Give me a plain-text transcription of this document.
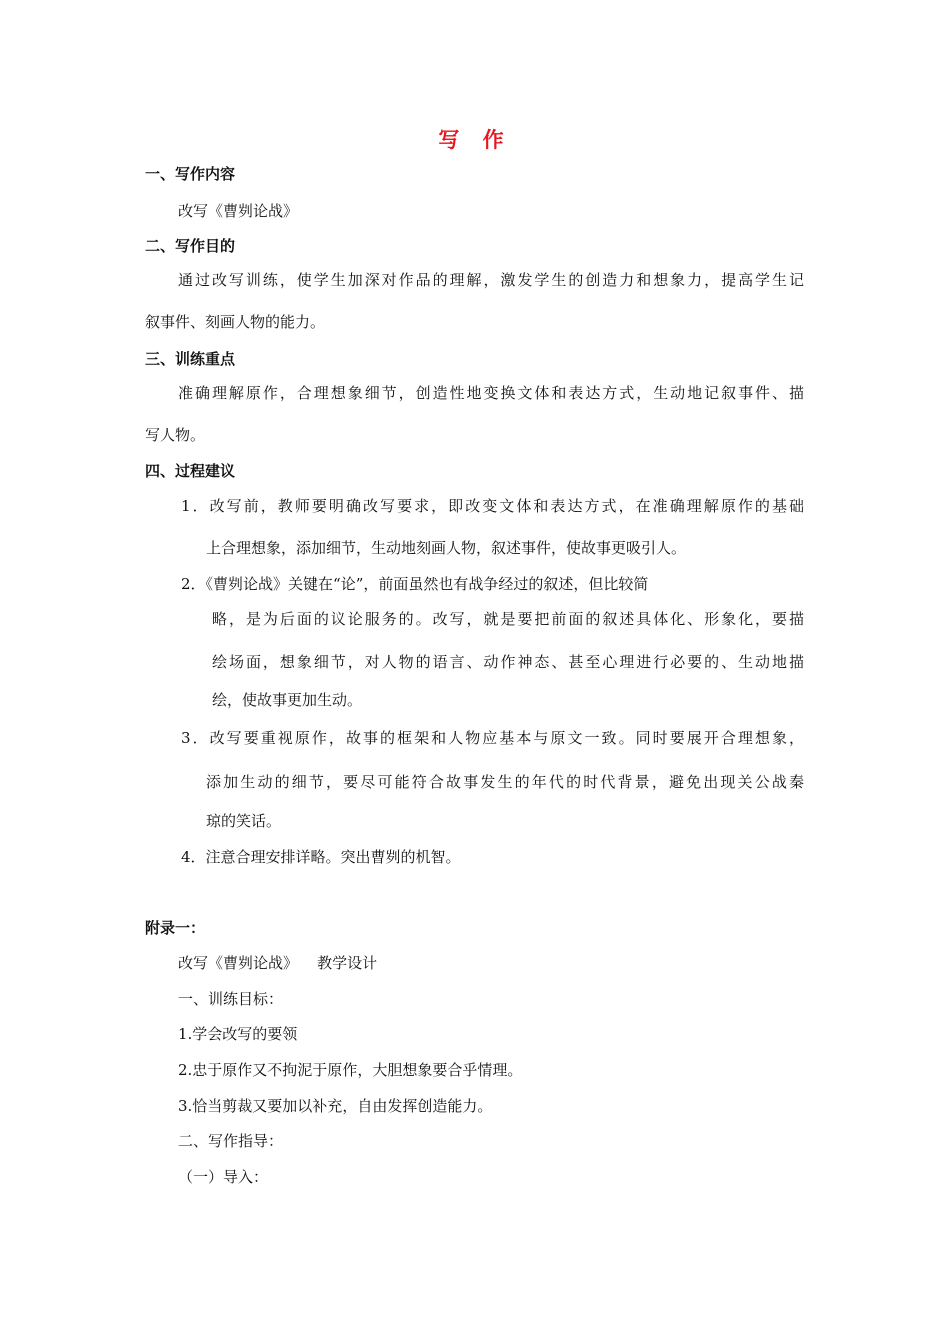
写 作
一、写作内容
改写《曹刿论战》
二、写作目的
通过改写训练，使学生加深对作品的理解，激发学生的创造力和想象力，提高学生记
叙事件、刻画人物的能力。
三、训练重点
准确理解原作，合理想象细节，创造性地变换文体和表达方式，生动地记叙事件、描
写人物。
四、过程建议
1．改写前，教师要明确改写要求，即改变文体和表达方式，在准确理解原作的基础
上合理想象，添加细节，生动地刻画人物，叙述事件，使故事更吸引人。
2．《曹刿论战》关键在“论”，前面虽然也有战争经过的叙述，但比较简
略，是为后面的议论服务的。改写，就是要把前面的叙述具体化、形象化，要描
绘场面，想象细节，对人物的语言、动作神态、甚至心理进行必要的、生动地描
绘，使故事更加生动。
3．改写要重视原作，故事的框架和人物应基本与原文一致。同时要展开合理想象，
添加生动的细节，要尽可能符合故事发生的年代的时代背景，避免出现关公战秦
琼的笑话。
4．注意合理安排详略。突出曹刿的机智。
附录一：
改写《曹刿论战》    教学设计
一、训练目标：
1.学会改写的要领
2.忠于原作又不拘泥于原作，大胆想象要合乎情理。
3.恰当剪裁又要加以补充，自由发挥创造能力。
二、写作指导：
（一）导入：
